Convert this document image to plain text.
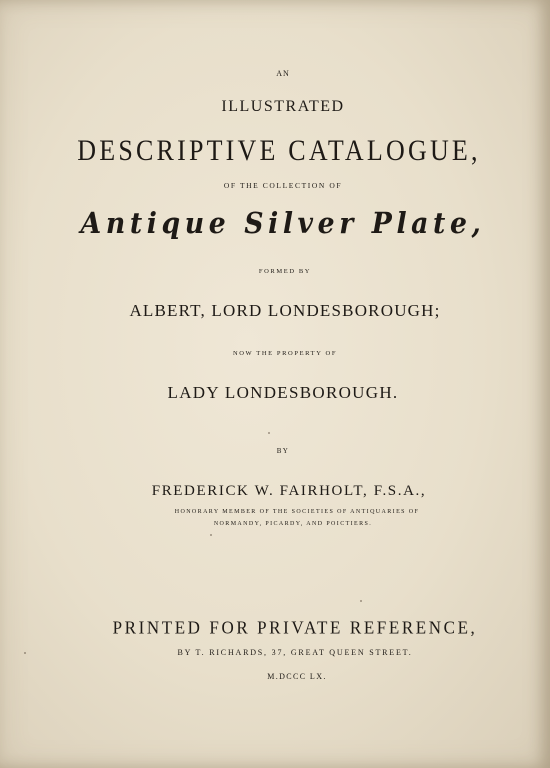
AN
ILLUSTRATED
DESCRIPTIVE CATALOGUE,
OF THE COLLECTION OF
Antique Silver Plate,
FORMED BY
ALBERT, LORD LONDESBOROUGH;
NOW THE PROPERTY OF
LADY LONDESBOROUGH.
BY
FREDERICK W. FAIRHOLT, F.S.A.,
HONORARY MEMBER OF THE SOCIETIES OF ANTIQUARIES OF
NORMANDY, PICARDY, AND POICTIERS.
PRINTED FOR PRIVATE REFERENCE,
BY T. RICHARDS, 37, GREAT QUEEN STREET.
M.DCCC LX.
